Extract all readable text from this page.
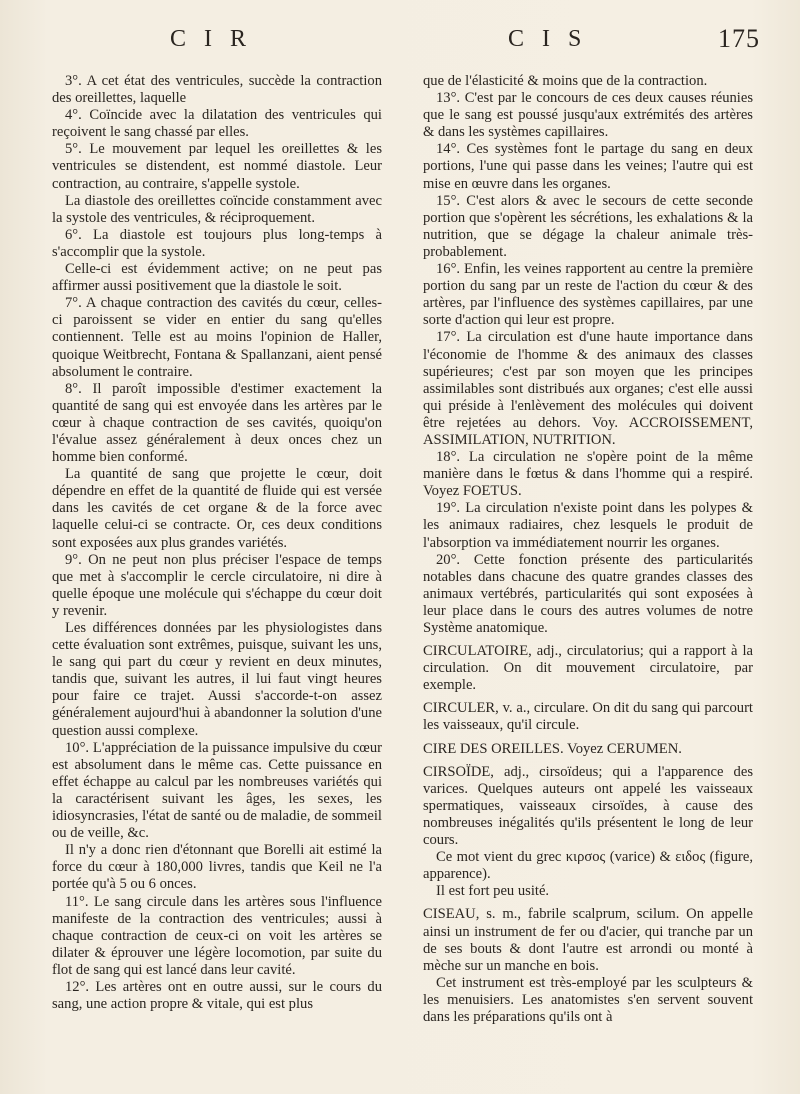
C I R	C I S	175

3°. A cet état des ventricules, succède la contraction des oreillettes, laquelle

4°. Coïncide avec la dilatation des ventricules qui reçoivent le sang chassé par elles.

5°. Le mouvement par lequel les oreillettes & les ventricules se distendent, est nommé diastole. Leur contraction, au contraire, s'appelle systole.

La diastole des oreillettes coïncide constamment avec la systole des ventricules, & réciproquement.

6°. La diastole est toujours plus long-temps à s'accomplir que la systole.

Celle-ci est évidemment active; on ne peut pas affirmer aussi positivement que la diastole le soit.

7°. A chaque contraction des cavités du cœur, celles-ci paroissent se vider en entier du sang qu'elles contiennent. Telle est au moins l'opinion de Haller, quoique Weitbrecht, Fontana & Spallanzani, aient pensé absolument le contraire.

8°. Il paroît impossible d'estimer exactement la quantité de sang qui est envoyée dans les artères par le cœur à chaque contraction de ses cavités, quoiqu'on l'évalue assez généralement à deux onces chez un homme bien conformé.

La quantité de sang que projette le cœur, doit dépendre en effet de la quantité de fluide qui est versée dans les cavités de cet organe & de la force avec laquelle celui-ci se contracte. Or, ces deux conditions sont exposées aux plus grandes variétés.

9°. On ne peut non plus préciser l'espace de temps que met à s'accomplir le cercle circulatoire, ni dire à quelle époque une molécule qui s'échappe du cœur doit y revenir.

Les différences données par les physiologistes dans cette évaluation sont extrêmes, puisque, suivant les uns, le sang qui part du cœur y revient en deux minutes, tandis que, suivant les autres, il lui faut vingt heures pour faire ce trajet. Aussi s'accorde-t-on assez généralement aujourd'hui à abandonner la solution d'une question aussi complexe.

10°. L'appréciation de la puissance impulsive du cœur est absolument dans le même cas. Cette puissance en effet échappe au calcul par les nombreuses variétés qui la caractérisent suivant les âges, les sexes, les idiosyncrasies, l'état de santé ou de maladie, de sommeil ou de veille, &c.

Il n'y a donc rien d'étonnant que Borelli ait estimé la force du cœur à 180,000 livres, tandis que Keil ne l'a portée qu'à 5 ou 6 onces.

11°. Le sang circule dans les artères sous l'influence manifeste de la contraction des ventricules; aussi à chaque contraction de ceux-ci on voit les artères se dilater & éprouver une légère locomotion, par suite du flot de sang qui est lancé dans leur cavité.

12°. Les artères ont en outre aussi, sur le cours du sang, une action propre & vitale, qui est plus

que de l'élasticité & moins que de la contraction.

13°. C'est par le concours de ces deux causes réunies que le sang est poussé jusqu'aux extrémités des artères & dans les systèmes capillaires.

14°. Ces systèmes font le partage du sang en deux portions, l'une qui passe dans les veines; l'autre qui est mise en œuvre dans les organes.

15°. C'est alors & avec le secours de cette seconde portion que s'opèrent les sécrétions, les exhalations & la nutrition, que se dégage la chaleur animale très-probablement.

16°. Enfin, les veines rapportent au centre la première portion du sang par un reste de l'action du cœur & des artères, par l'influence des systèmes capillaires, par une sorte d'action qui leur est propre.

17°. La circulation est d'une haute importance dans l'économie de l'homme & des animaux des classes supérieures; c'est par son moyen que les principes assimilables sont distribués aux organes; c'est elle aussi qui préside à l'enlèvement des molécules qui doivent être rejetées au dehors. Voy. ACCROISSEMENT, ASSIMILATION, NUTRITION.

18°. La circulation ne s'opère point de la même manière dans le fœtus & dans l'homme qui a respiré. Voyez FOETUS.

19°. La circulation n'existe point dans les polypes & les animaux radiaires, chez lesquels le produit de l'absorption va immédiatement nourrir les organes.

20°. Cette fonction présente des particularités notables dans chacune des quatre grandes classes des animaux vertébrés, particularités qui sont exposées à leur place dans le cours des autres volumes de notre Système anatomique.

CIRCULATOIRE, adj., circulatorius; qui a rapport à la circulation. On dit mouvement circulatoire, par exemple.

CIRCULER, v. a., circulare. On dit du sang qui parcourt les vaisseaux, qu'il circule.

CIRE DES OREILLES. Voyez CERUMEN.

CIRSOÏDE, adj., cirsoïdeus; qui a l'apparence des varices. Quelques auteurs ont appelé les vaisseaux spermatiques, vaisseaux cirsoïdes, à cause des nombreuses inégalités qu'ils présentent le long de leur cours.

Ce mot vient du grec κιρσος (varice) & ειδος (figure, apparence).

Il est fort peu usité.

CISEAU, s. m., fabrile scalprum, scilum. On appelle ainsi un instrument de fer ou d'acier, qui tranche par un de ses bouts & dont l'autre est arrondi ou monté à mèche sur un manche en bois.

Cet instrument est très-employé par les sculpteurs & les menuisiers. Les anatomistes s'en servent souvent dans les préparations qu'ils ont à
